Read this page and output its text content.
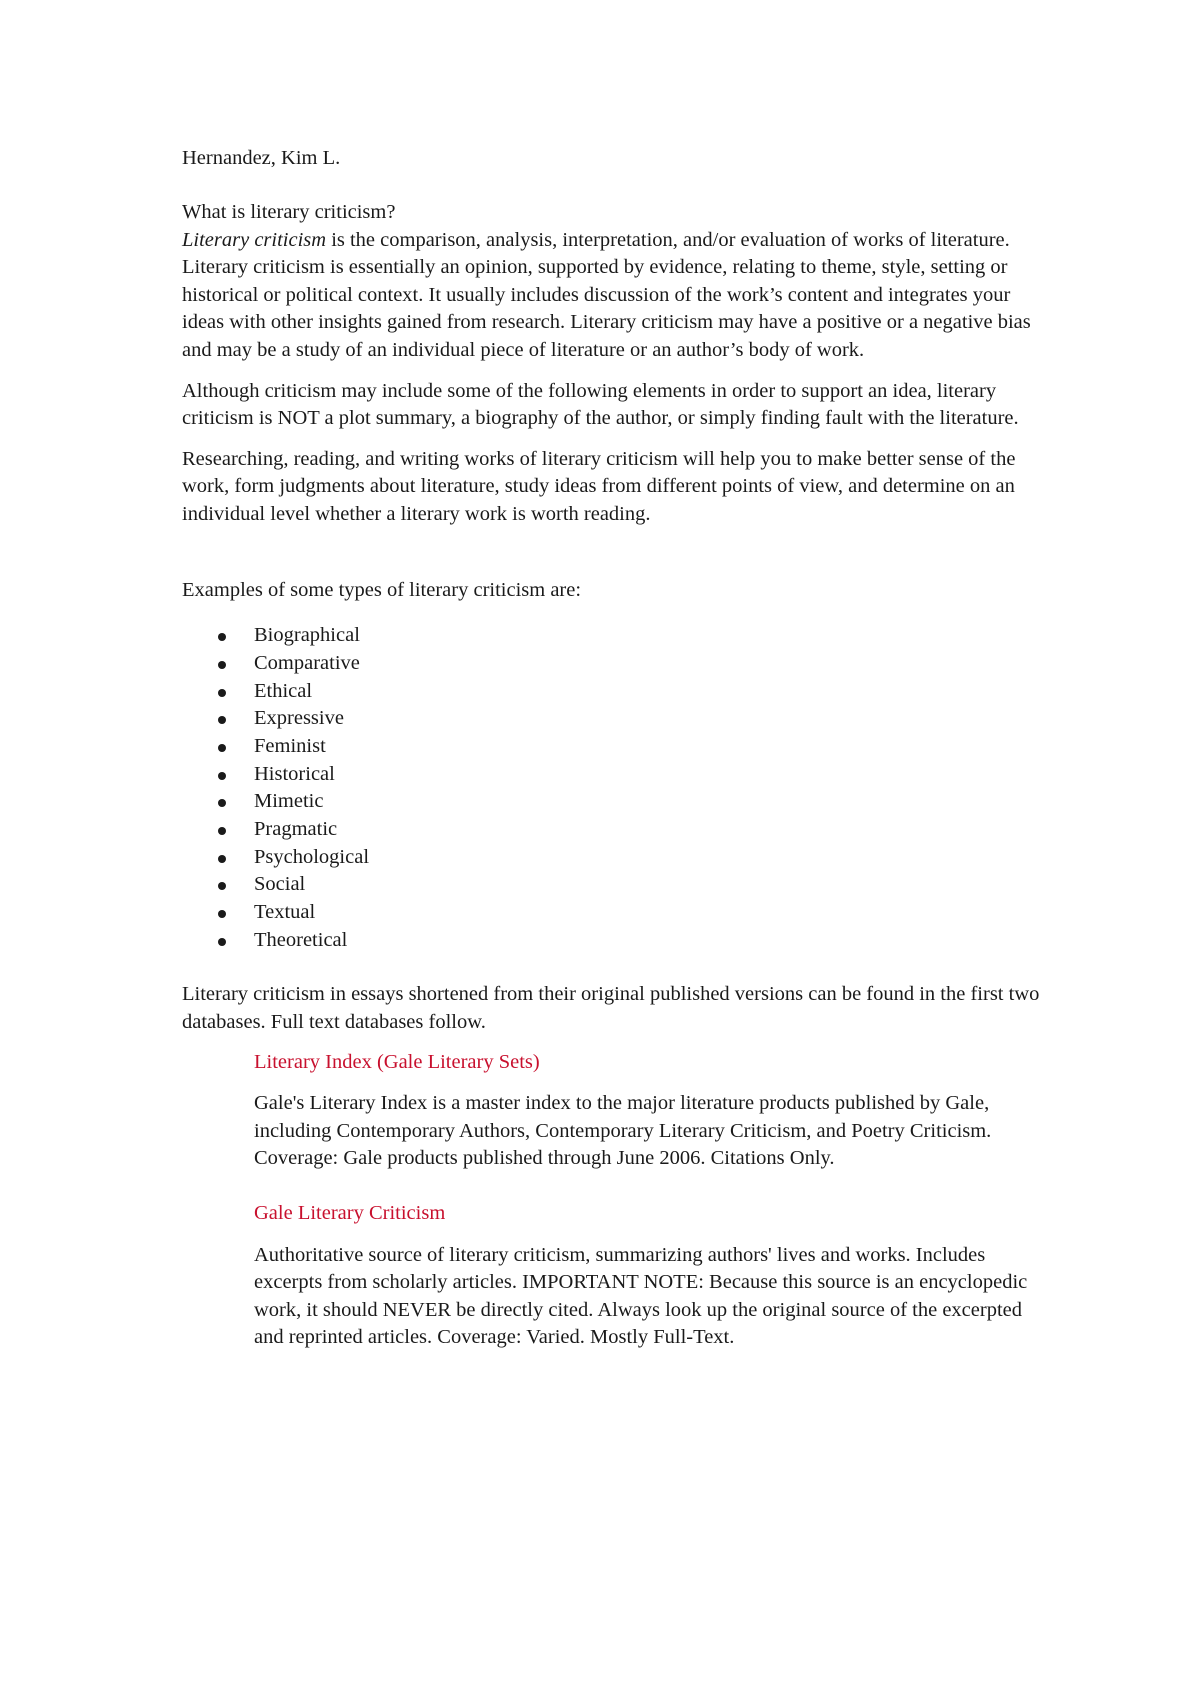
Hernandez, Kim L.

What is literary criticism?

Literary criticism is the comparison, analysis, interpretation, and/or evaluation of works of literature. Literary criticism is essentially an opinion, supported by evidence, relating to theme, style, setting or historical or political context. It usually includes discussion of the work’s content and integrates your ideas with other insights gained from research. Literary criticism may have a positive or a negative bias and may be a study of an individual piece of literature or an author’s body of work.

Although criticism may include some of the following elements in order to support an idea, literary criticism is NOT a plot summary, a biography of the author, or simply finding fault with the literature.

Researching, reading, and writing works of literary criticism will help you to make better sense of the work, form judgments about literature, study ideas from different points of view, and determine on an individual level whether a literary work is worth reading.

Examples of some types of literary criticism are:

Biographical
Comparative
Ethical
Expressive
Feminist
Historical
Mimetic
Pragmatic
Psychological
Social
Textual
Theoretical

Literary criticism in essays shortened from their original published versions can be found in the first two databases. Full text databases follow.

Literary Index (Gale Literary Sets)

Gale's Literary Index is a master index to the major literature products published by Gale, including Contemporary Authors, Contemporary Literary Criticism, and Poetry Criticism. Coverage: Gale products published through June 2006. Citations Only.

Gale Literary Criticism

Authoritative source of literary criticism, summarizing authors' lives and works. Includes excerpts from scholarly articles. IMPORTANT NOTE: Because this source is an encyclopedic work, it should NEVER be directly cited. Always look up the original source of the excerpted and reprinted articles. Coverage: Varied. Mostly Full-Text.
